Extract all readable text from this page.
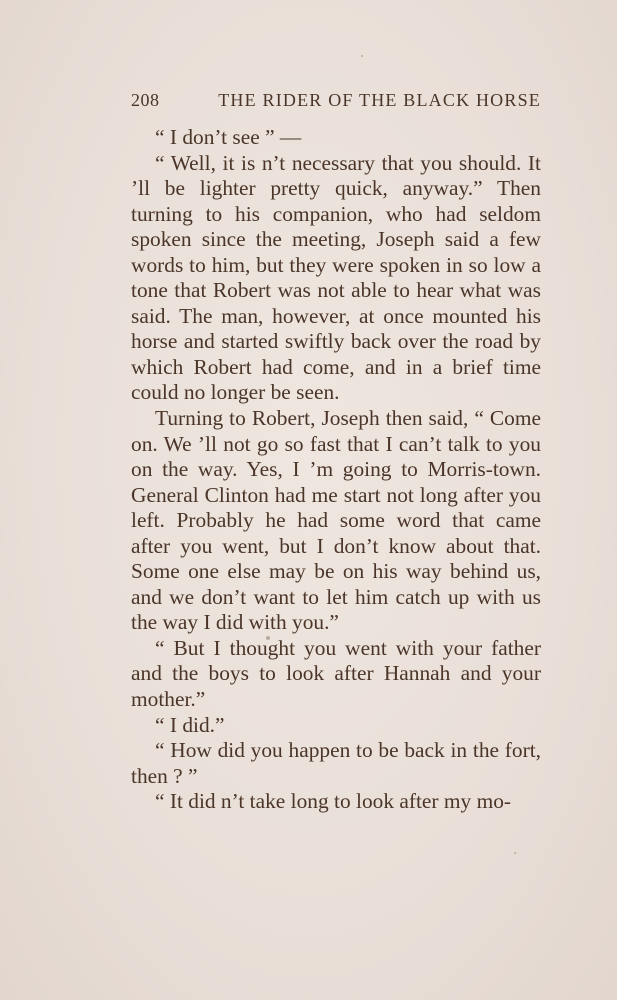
208	THE RIDER OF THE BLACK HORSE

“ I don’t see ” —

“ Well, it is n’t necessary that you should. It ’ll be lighter pretty quick, anyway.” Then turning to his companion, who had seldom spoken since the meeting, Joseph said a few words to him, but they were spoken in so low a tone that Robert was not able to hear what was said. The man, however, at once mounted his horse and started swiftly back over the road by which Robert had come, and in a brief time could no longer be seen.

Turning to Robert, Joseph then said, “ Come on. We ’ll not go so fast that I can’t talk to you on the way. Yes, I ’m going to Morris-town. General Clinton had me start not long after you left. Probably he had some word that came after you went, but I don’t know about that. Some one else may be on his way behind us, and we don’t want to let him catch up with us the way I did with you.”

“ But I thought you went with your father and the boys to look after Hannah and your mother.”

“ I did.”

“ How did you happen to be back in the fort, then ? ”

“ It did n’t take long to look after my mo-
